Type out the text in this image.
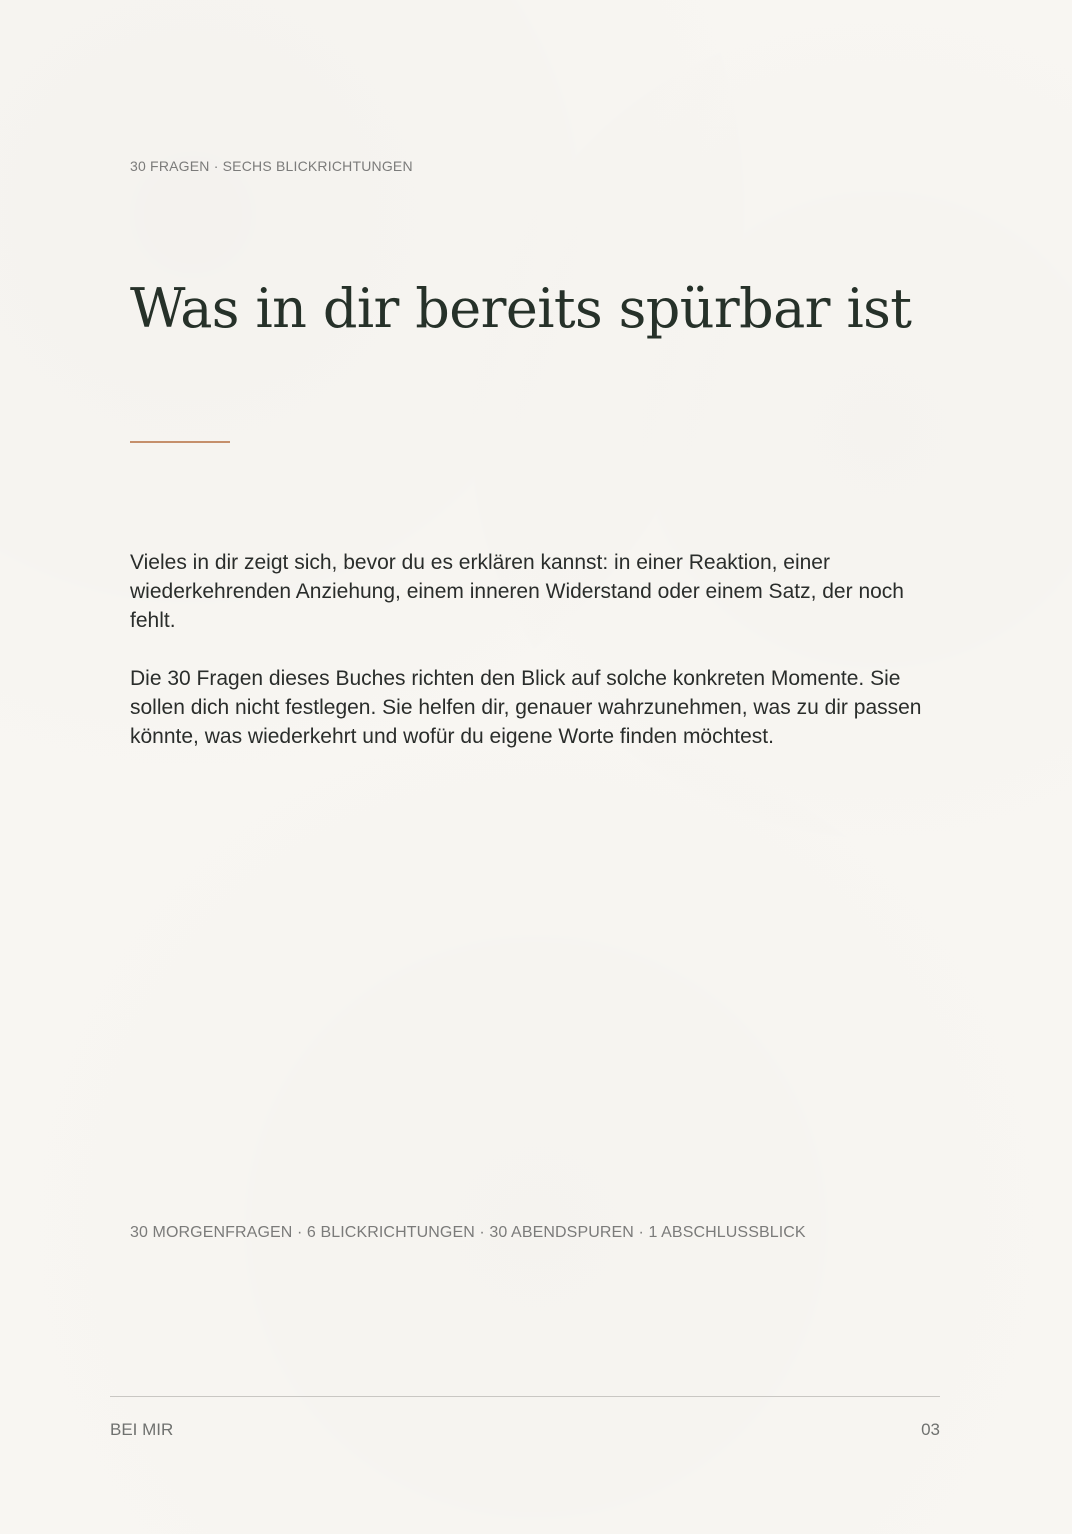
30 FRAGEN · SECHS BLICKRICHTUNGEN
Was in dir bereits spürbar ist

Vieles in dir zeigt sich, bevor du es erklären kannst: in einer Reaktion, einer wiederkehrenden Anziehung, einem inneren Widerstand oder einem Satz, der noch fehlt.

Die 30 Fragen dieses Buches richten den Blick auf solche konkreten Momente. Sie sollen dich nicht festlegen. Sie helfen dir, genauer wahrzunehmen, was zu dir passen könnte, was wiederkehrt und wofür du eigene Worte finden möchtest.

30 MORGENFRAGEN · 6 BLICKRICHTUNGEN · 30 ABENDSPUREN · 1 ABSCHLUSSBLICK
BEI MIR	03
